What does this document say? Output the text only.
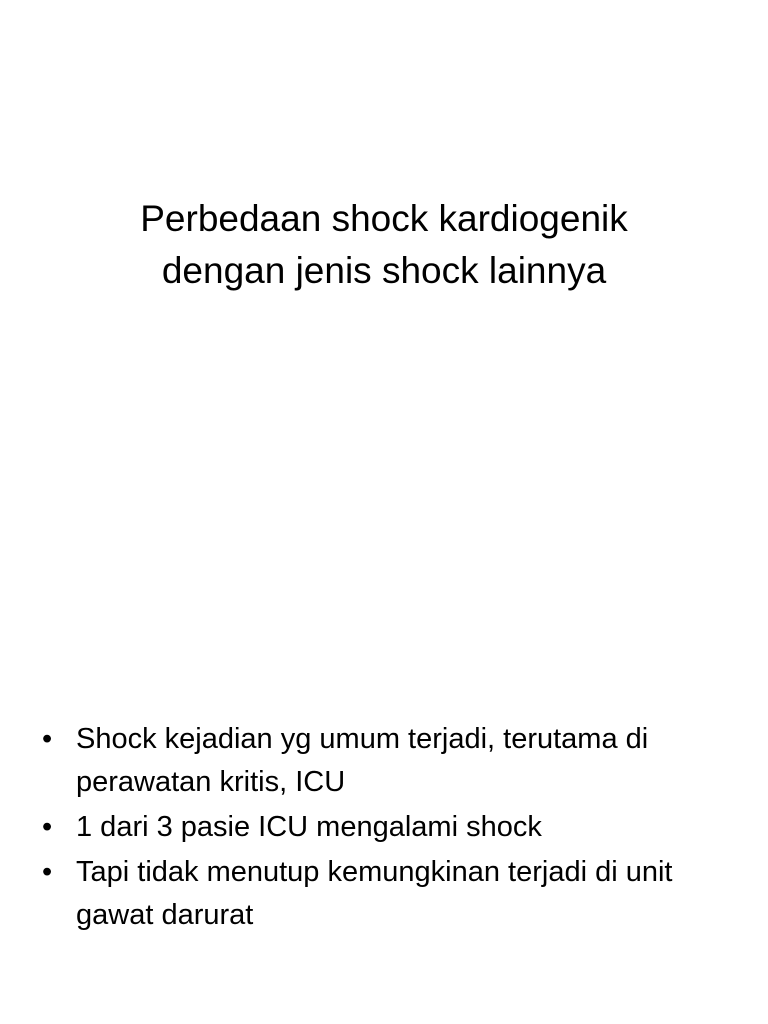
Perbedaan shock kardiogenik
dengan jenis shock lainnya
• Shock kejadian yg umum terjadi, terutama di perawatan kritis, ICU
• 1 dari 3 pasie ICU mengalami shock
• Tapi tidak menutup kemungkinan terjadi di unit gawat darurat
